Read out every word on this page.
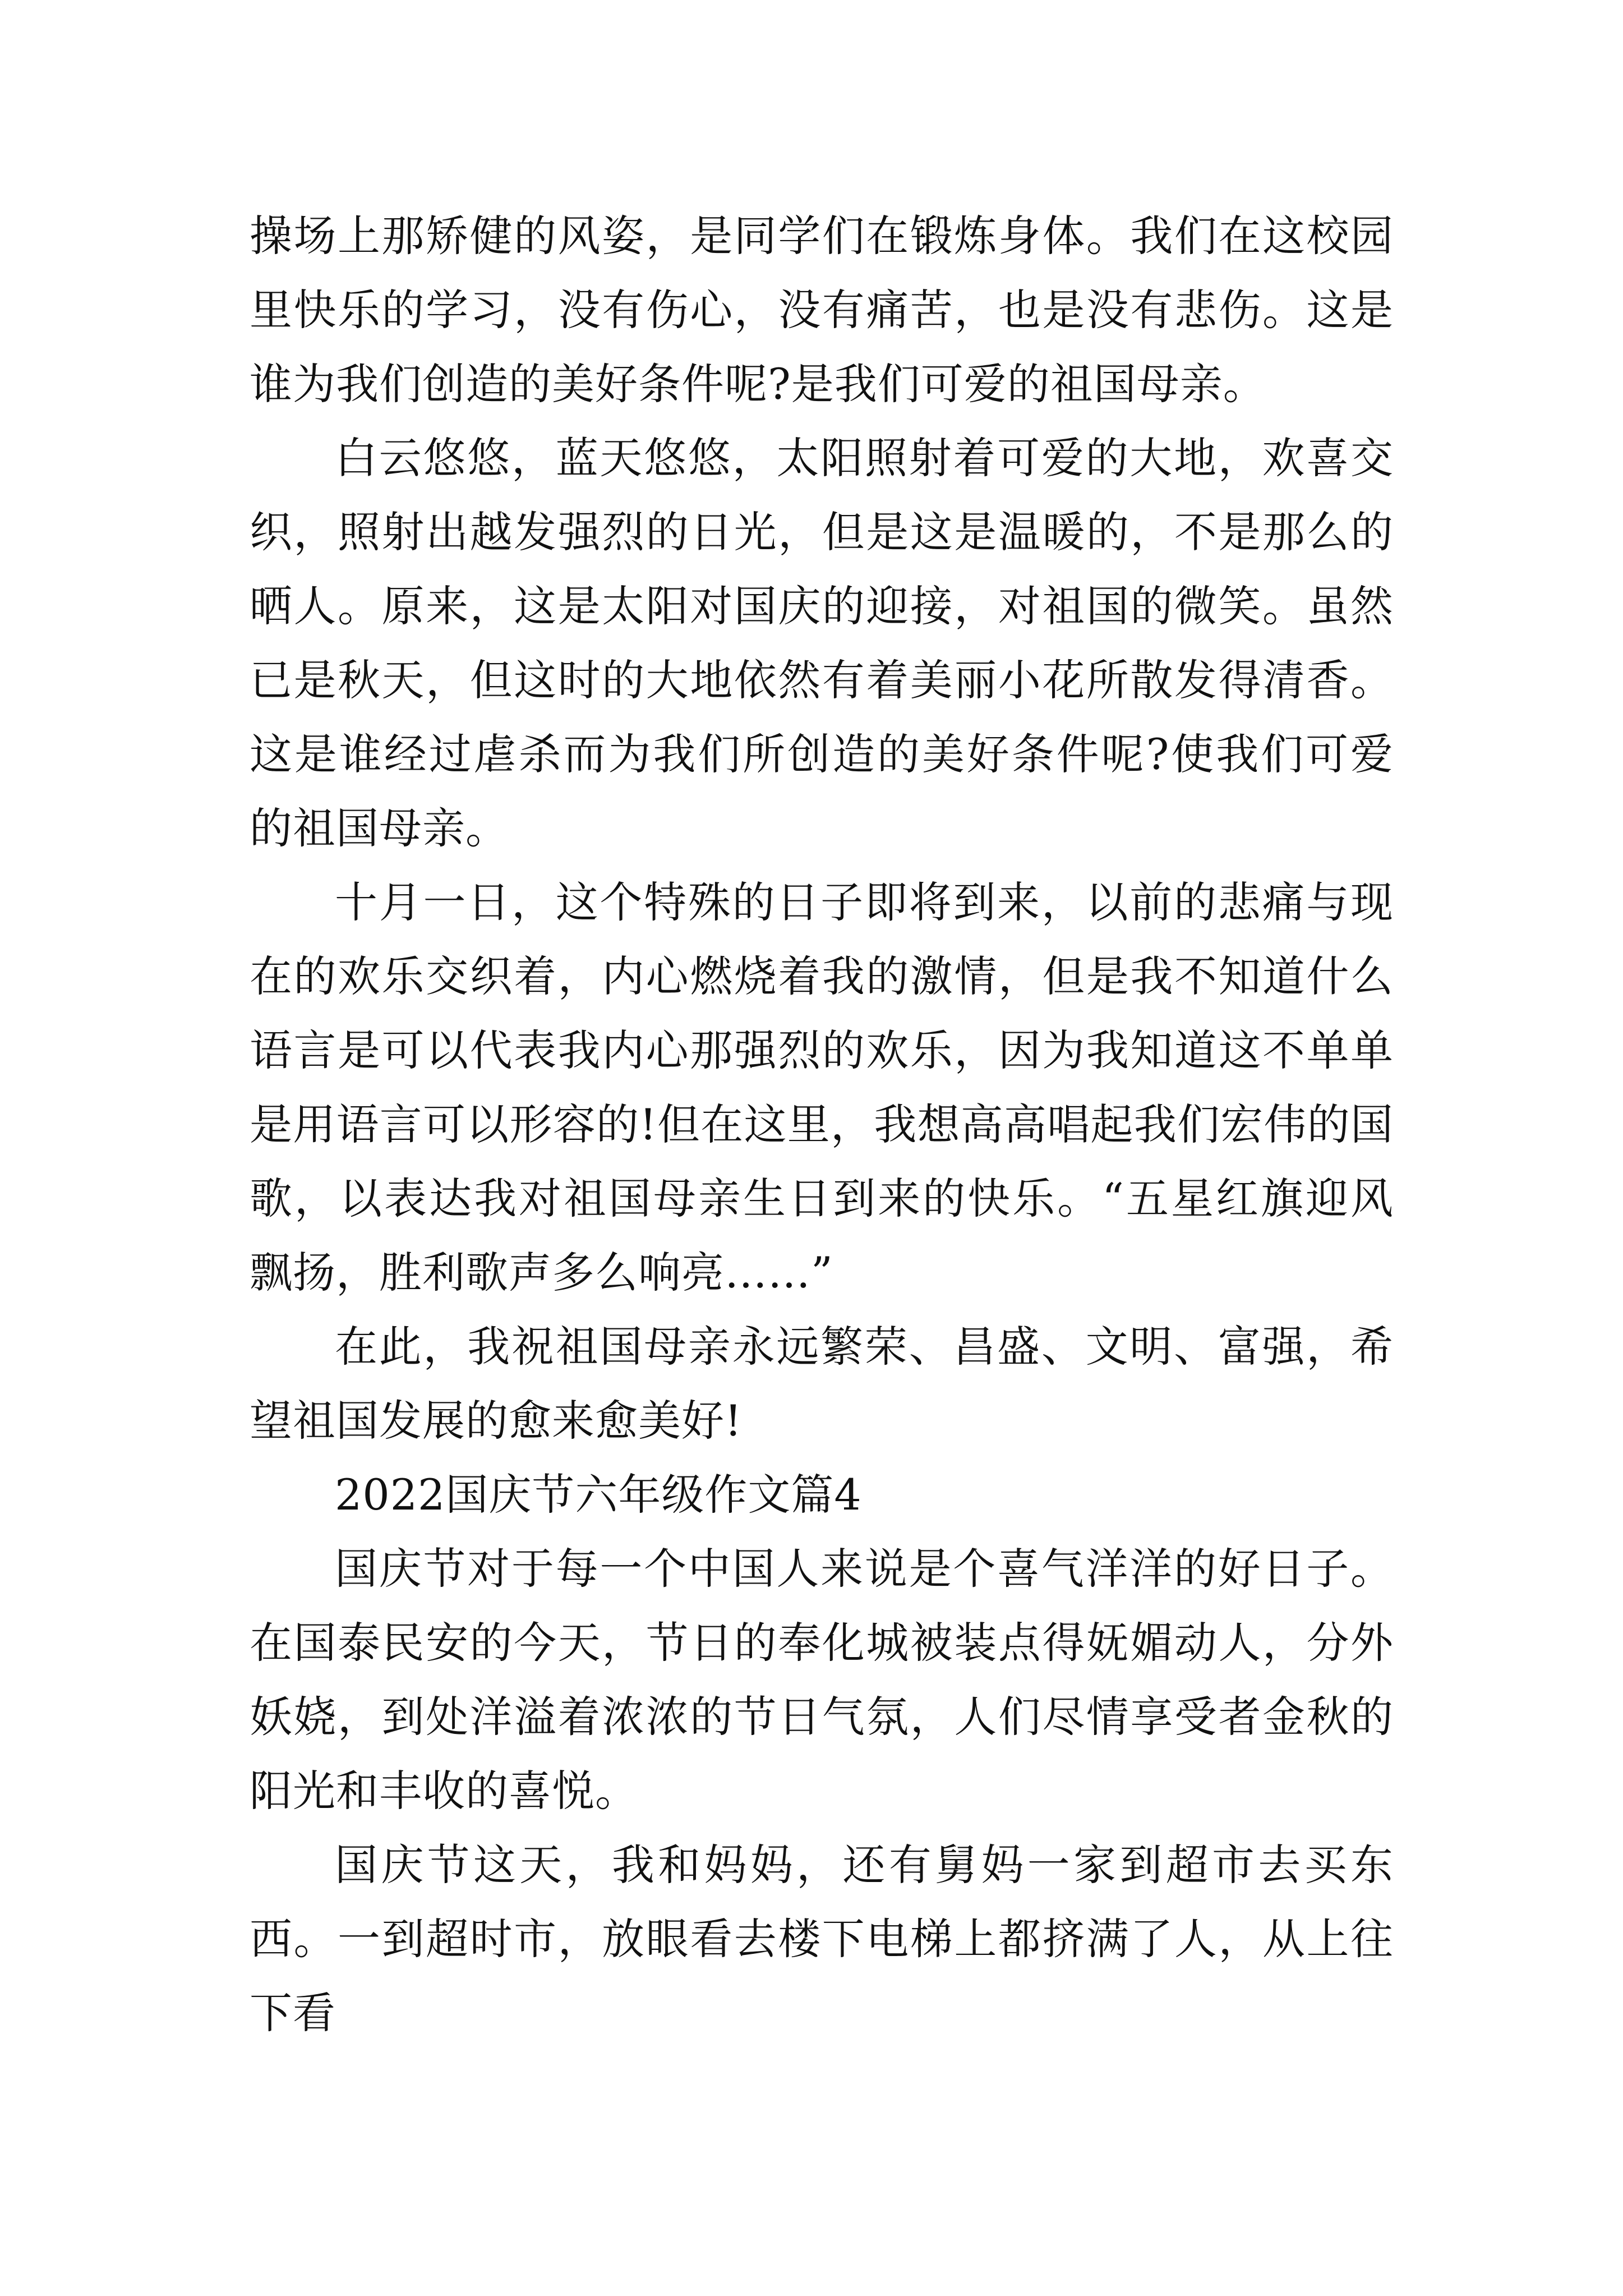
操场上那矫健的风姿，是同学们在锻炼身体。我们在这校园里快乐的学习，没有伤心，没有痛苦，也是没有悲伤。这是谁为我们创造的美好条件呢?是我们可爱的祖国母亲。

白云悠悠，蓝天悠悠，太阳照射着可爱的大地，欢喜交织，照射出越发强烈的日光，但是这是温暖的，不是那么的晒人。原来，这是太阳对国庆的迎接，对祖国的微笑。虽然已是秋天，但这时的大地依然有着美丽小花所散发得清香。这是谁经过虐杀而为我们所创造的美好条件呢?使我们可爱的祖国母亲。

十月一日，这个特殊的日子即将到来，以前的悲痛与现在的欢乐交织着，内心燃烧着我的激情，但是我不知道什么语言是可以代表我内心那强烈的欢乐，因为我知道这不单单是用语言可以形容的!但在这里，我想高高唱起我们宏伟的国歌，以表达我对祖国母亲生日到来的快乐。“五星红旗迎风飘扬，胜利歌声多么响亮……”

在此，我祝祖国母亲永远繁荣、昌盛、文明、富强，希望祖国发展的愈来愈美好!

2022国庆节六年级作文篇4

国庆节对于每一个中国人来说是个喜气洋洋的好日子。在国泰民安的今天，节日的奉化城被装点得妩媚动人，分外妖娆，到处洋溢着浓浓的节日气氛，人们尽情享受者金秋的阳光和丰收的喜悦。

国庆节这天，我和妈妈，还有舅妈一家到超市去买东西。一到超时市，放眼看去楼下电梯上都挤满了人，从上往下看
